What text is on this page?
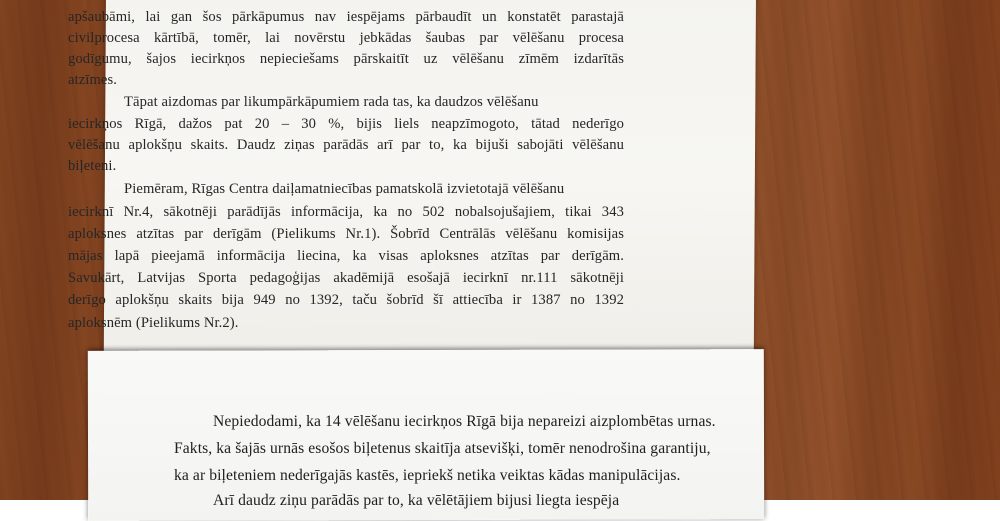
apšaubāmi, lai gan šos pārkāpumus nav iespējams pārbaudīt un konstatēt parastajā
civilprocesa kārtībā, tomēr, lai novērstu jebkādas šaubas par vēlēšanu procesa
godīgumu, šajos iecirkņos nepieciešams pārskaitīt uz vēlēšanu zīmēm izdarītās
atzīmes.
Tāpat aizdomas par likumpārkāpumiem rada tas, ka daudzos vēlēšanu
iecirkņos Rīgā, dažos pat 20 – 30 %, bijis liels neapzīmogoto, tātad nederīgo
vēlēšanu aplokšņu skaits. Daudz ziņas parādās arī par to, ka bijuši sabojāti vēlēšanu
biļeteni.
Piemēram, Rīgas Centra daiļamatniecības pamatskolā izvietotajā vēlēšanu
iecirknī Nr.4, sākotnēji parādījās informācija, ka no 502 nobalsojušajiem, tikai 343
aploksnes atzītas par derīgām (Pielikums Nr.1). Šobrīd Centrālās vēlēšanu komisijas
mājas lapā pieejamā informācija liecina, ka visas aploksnes atzītas par derīgām.
Savukārt, Latvijas Sporta pedagoģijas akadēmijā esošajā iecirknī nr.111 sākotnēji
derīgo aplokšņu skaits bija 949 no 1392, taču šobrīd šī attiecība ir 1387 no 1392
aploksnēm (Pielikums Nr.2).
Nepiedodami, ka 14 vēlēšanu iecirkņos Rīgā bija nepareizi aizplombētas urnas.
Fakts, ka šajās urnās esošos biļetenus skaitīja atsevišķi, tomēr nenodrošina garantiju,
ka ar biļeteniem nederīgajās kastēs, iepriekš netika veiktas kādas manipulācijas.
Arī daudz ziņu parādās par to, ka vēlētājiem bijusi liegta iespēja
